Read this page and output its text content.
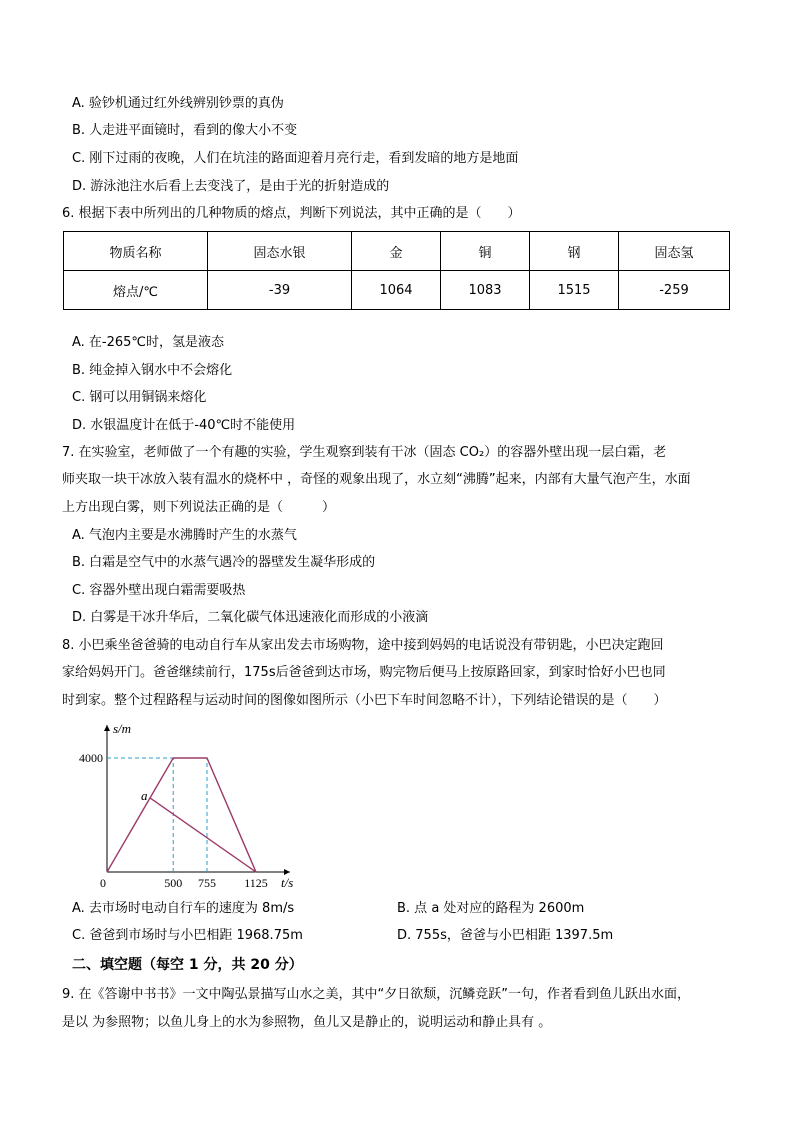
A. 验钞机通过红外线辨别钞票的真伪
B. 人走进平面镜时，看到的像大小不变
C. 刚下过雨的夜晚，人们在坑洼的路面迎着月亮行走，看到发暗的地方是地面
D. 游泳池注水后看上去变浅了，是由于光的折射造成的
6. 根据下表中所列出的几种物质的熔点，判断下列说法，其中正确的是（　　）
物质名称	固态水银	金	铜	钢	固态氢
熔点/℃	-39	1064	1083	1515	-259
A. 在-265℃时，氢是液态
B. 纯金掉入钢水中不会熔化
C. 钢可以用铜锅来熔化
D. 水银温度计在低于-40℃时不能使用
7. 在实验室，老师做了一个有趣的实验，学生观察到装有干冰（固态 CO₂）的容器外壁出现一层白霜，老
师夹取一块干冰放入装有温水的烧杯中 ，奇怪的观象出现了，水立刻“沸腾”起来，内部有大量气泡产生，水面
上方出现白雾，则下列说法正确的是（　　　）
A. 气泡内主要是水沸腾时产生的水蒸气
B. 白霜是空气中的水蒸气遇冷的器壁发生凝华形成的
C. 容器外壁出现白霜需要吸热
D. 白雾是干冰升华后，二氧化碳气体迅速液化而形成的小液滴
8. 小巴乘坐爸爸骑的电动自行车从家出发去市场购物，途中接到妈妈的电话说没有带钥匙，小巴决定跑回
家给妈妈开门。爸爸继续前行，175s后爸爸到达市场，购完物后便马上按原路回家，到家时恰好小巴也同
时到家。整个过程路程与运动时间的图像如图所示（小巴下车时间忽略不计），下列结论错误的是（　　）
0	500 755 1125
4000
s/m
t/s
a
A. 去市场时电动自行车的速度为 8m/s	B. 点 a 处对应的路程为 2600m
C. 爸爸到市场时与小巴相距 1968.75m	D. 755s，爸爸与小巴相距 1397.5m
二、填空题（每空 1 分，共 20 分）
9. 在《答谢中书书》一文中陶弘景描写山水之美，其中“夕日欲颓，沉鳞竞跃”一句，作者看到鱼儿跃出水面，
是以 为参照物；以鱼儿身上的水为参照物，鱼儿又是静止的，说明运动和静止具有 。
